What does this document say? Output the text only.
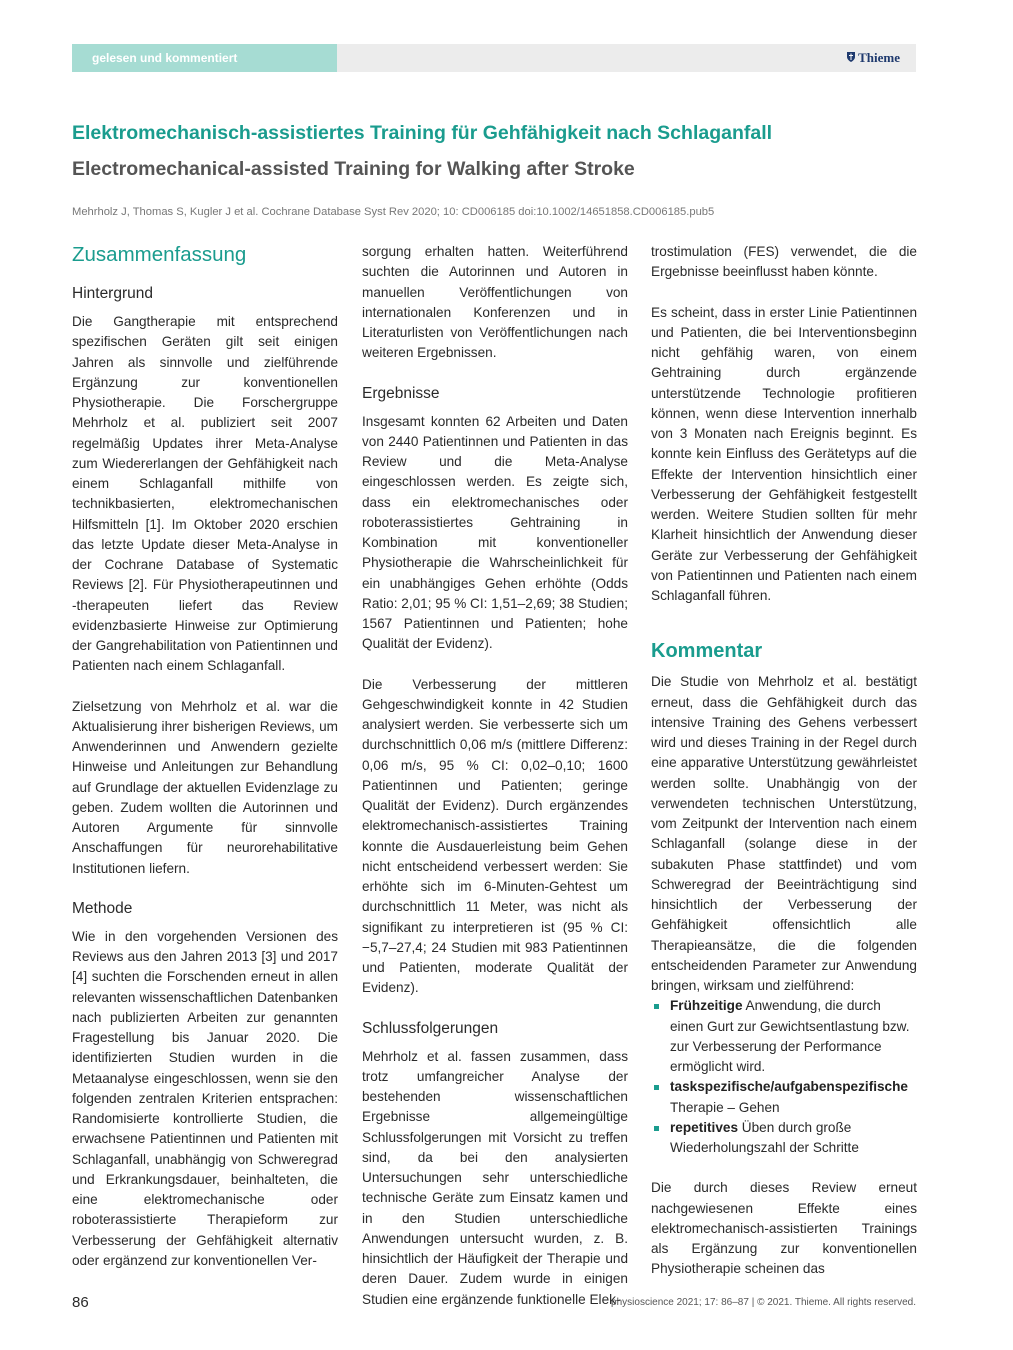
gelesen und kommentiert	Thieme
Elektromechanisch-assistiertes Training für Gehfähigkeit nach Schlaganfall
Electromechanical-assisted Training for Walking after Stroke
Mehrholz J, Thomas S, Kugler J et al. Cochrane Database Syst Rev 2020; 10: CD006185 doi:10.1002/14651858.CD006185.pub5
Zusammenfassung
Hintergrund

Die Gangtherapie mit entsprechend spezifischen Geräten gilt seit einigen Jahren als sinnvolle und zielführende Ergänzung zur konventionellen Physiotherapie. Die Forschergruppe Mehrholz et al. publiziert seit 2007 regelmäßig Updates ihrer Meta-Analyse zum Wiedererlangen der Gehfähigkeit nach einem Schlaganfall mithilfe von technikbasierten, elektromechanischen Hilfsmitteln [1]. Im Oktober 2020 erschien das letzte Update dieser Meta-Analyse in der Cochrane Database of Systematic Reviews [2]. Für Physiotherapeutinnen und -therapeuten liefert das Review evidenzbasierte Hinweise zur Optimierung der Gangrehabilitation von Patientinnen und Patienten nach einem Schlaganfall.

Zielsetzung von Mehrholz et al. war die Aktualisierung ihrer bisherigen Reviews, um Anwenderinnen und Anwendern gezielte Hinweise und Anleitungen zur Behandlung auf Grundlage der aktuellen Evidenzlage zu geben. Zudem wollten die Autorinnen und Autoren Argumente für sinnvolle Anschaffungen für neurorehabilitative Institutionen liefern.

Methode

Wie in den vorgehenden Versionen des Reviews aus den Jahren 2013 [3] und 2017 [4] suchten die Forschenden erneut in allen relevanten wissenschaftlichen Datenbanken nach publizierten Arbeiten zur genannten Fragestellung bis Januar 2020. Die identifizierten Studien wurden in die Metaanalyse eingeschlossen, wenn sie den folgenden zentralen Kriterien entsprachen: Randomisierte kontrollierte Studien, die erwachsene Patientinnen und Patienten mit Schlaganfall, unabhängig von Schweregrad und Erkrankungsdauer, beinhalteten, die eine elektromechanische oder roboterassistierte Therapieform zur Verbesserung der Gehfähigkeit alternativ oder ergänzend zur konventionellen Ver-

sorgung erhalten hatten. Weiterführend suchten die Autorinnen und Autoren in manuellen Veröffentlichungen von internationalen Konferenzen und in Literaturlisten von Veröffentlichungen nach weiteren Ergebnissen.

Ergebnisse

Insgesamt konnten 62 Arbeiten und Daten von 2440 Patientinnen und Patienten in das Review und die Meta-Analyse eingeschlossen werden. Es zeigte sich, dass ein elektromechanisches oder roboterassistiertes Gehtraining in Kombination mit konventioneller Physiotherapie die Wahrscheinlichkeit für ein unabhängiges Gehen erhöhte (Odds Ratio: 2,01; 95 % CI: 1,51–2,69; 38 Studien; 1567 Patientinnen und Patienten; hohe Qualität der Evidenz).

Die Verbesserung der mittleren Gehgeschwindigkeit konnte in 42 Studien analysiert werden. Sie verbesserte sich um durchschnittlich 0,06 m/s (mittlere Differenz: 0,06 m/s, 95 % CI: 0,02–0,10; 1600 Patientinnen und Patienten; geringe Qualität der Evidenz). Durch ergänzendes elektromechanisch-assistiertes Training konnte die Ausdauerleistung beim Gehen nicht entscheidend verbessert werden: Sie erhöhte sich im 6-Minuten-Gehtest um durchschnittlich 11 Meter, was nicht als signifikant zu interpretieren ist (95 % CI: −5,7–27,4; 24 Studien mit 983 Patientinnen und Patienten, moderate Qualität der Evidenz).

Schlussfolgerungen

Mehrholz et al. fassen zusammen, dass trotz umfangreicher Analyse der bestehenden wissenschaftlichen Ergebnisse allgemeingültige Schlussfolgerungen mit Vorsicht zu treffen sind, da bei den analysierten Untersuchungen sehr unterschiedliche technische Geräte zum Einsatz kamen und in den Studien unterschiedliche Anwendungen untersucht wurden, z. B. hinsichtlich der Häufigkeit der Therapie und deren Dauer. Zudem wurde in einigen Studien eine ergänzende funktionelle Elek-

trostimulation (FES) verwendet, die die Ergebnisse beeinflusst haben könnte.

Es scheint, dass in erster Linie Patientinnen und Patienten, die bei Interventionsbeginn nicht gehfähig waren, von einem Gehtraining durch ergänzende unterstützende Technologie profitieren können, wenn diese Intervention innerhalb von 3 Monaten nach Ereignis beginnt. Es konnte kein Einfluss des Gerätetyps auf die Effekte der Intervention hinsichtlich einer Verbesserung der Gehfähigkeit festgestellt werden. Weitere Studien sollten für mehr Klarheit hinsichtlich der Anwendung dieser Geräte zur Verbesserung der Gehfähigkeit von Patientinnen und Patienten nach einem Schlaganfall führen.

Kommentar

Die Studie von Mehrholz et al. bestätigt erneut, dass die Gehfähigkeit durch das intensive Training des Gehens verbessert wird und dieses Training in der Regel durch eine apparative Unterstützung gewährleistet werden sollte. Unabhängig von der verwendeten technischen Unterstützung, vom Zeitpunkt der Intervention nach einem Schlaganfall (solange diese in der subakuten Phase stattfindet) und vom Schweregrad der Beeinträchtigung sind hinsichtlich der Verbesserung der Gehfähigkeit offensichtlich alle Therapieansätze, die die folgenden entscheidenden Parameter zur Anwendung bringen, wirksam und zielführend:

Frühzeitige Anwendung, die durch einen Gurt zur Gewichtsentlastung bzw. zur Verbesserung der Performance ermöglicht wird.
taskspezifische/aufgabenspezifische Therapie – Gehen
repetitives Üben durch große Wiederholungszahl der Schritte

Die durch dieses Review erneut nachgewiesenen Effekte eines elektromechanisch-assistierten Trainings als Ergänzung zur konventionellen Physiotherapie scheinen das

86	physioscience 2021; 17: 86–87 | © 2021. Thieme. All rights reserved.
